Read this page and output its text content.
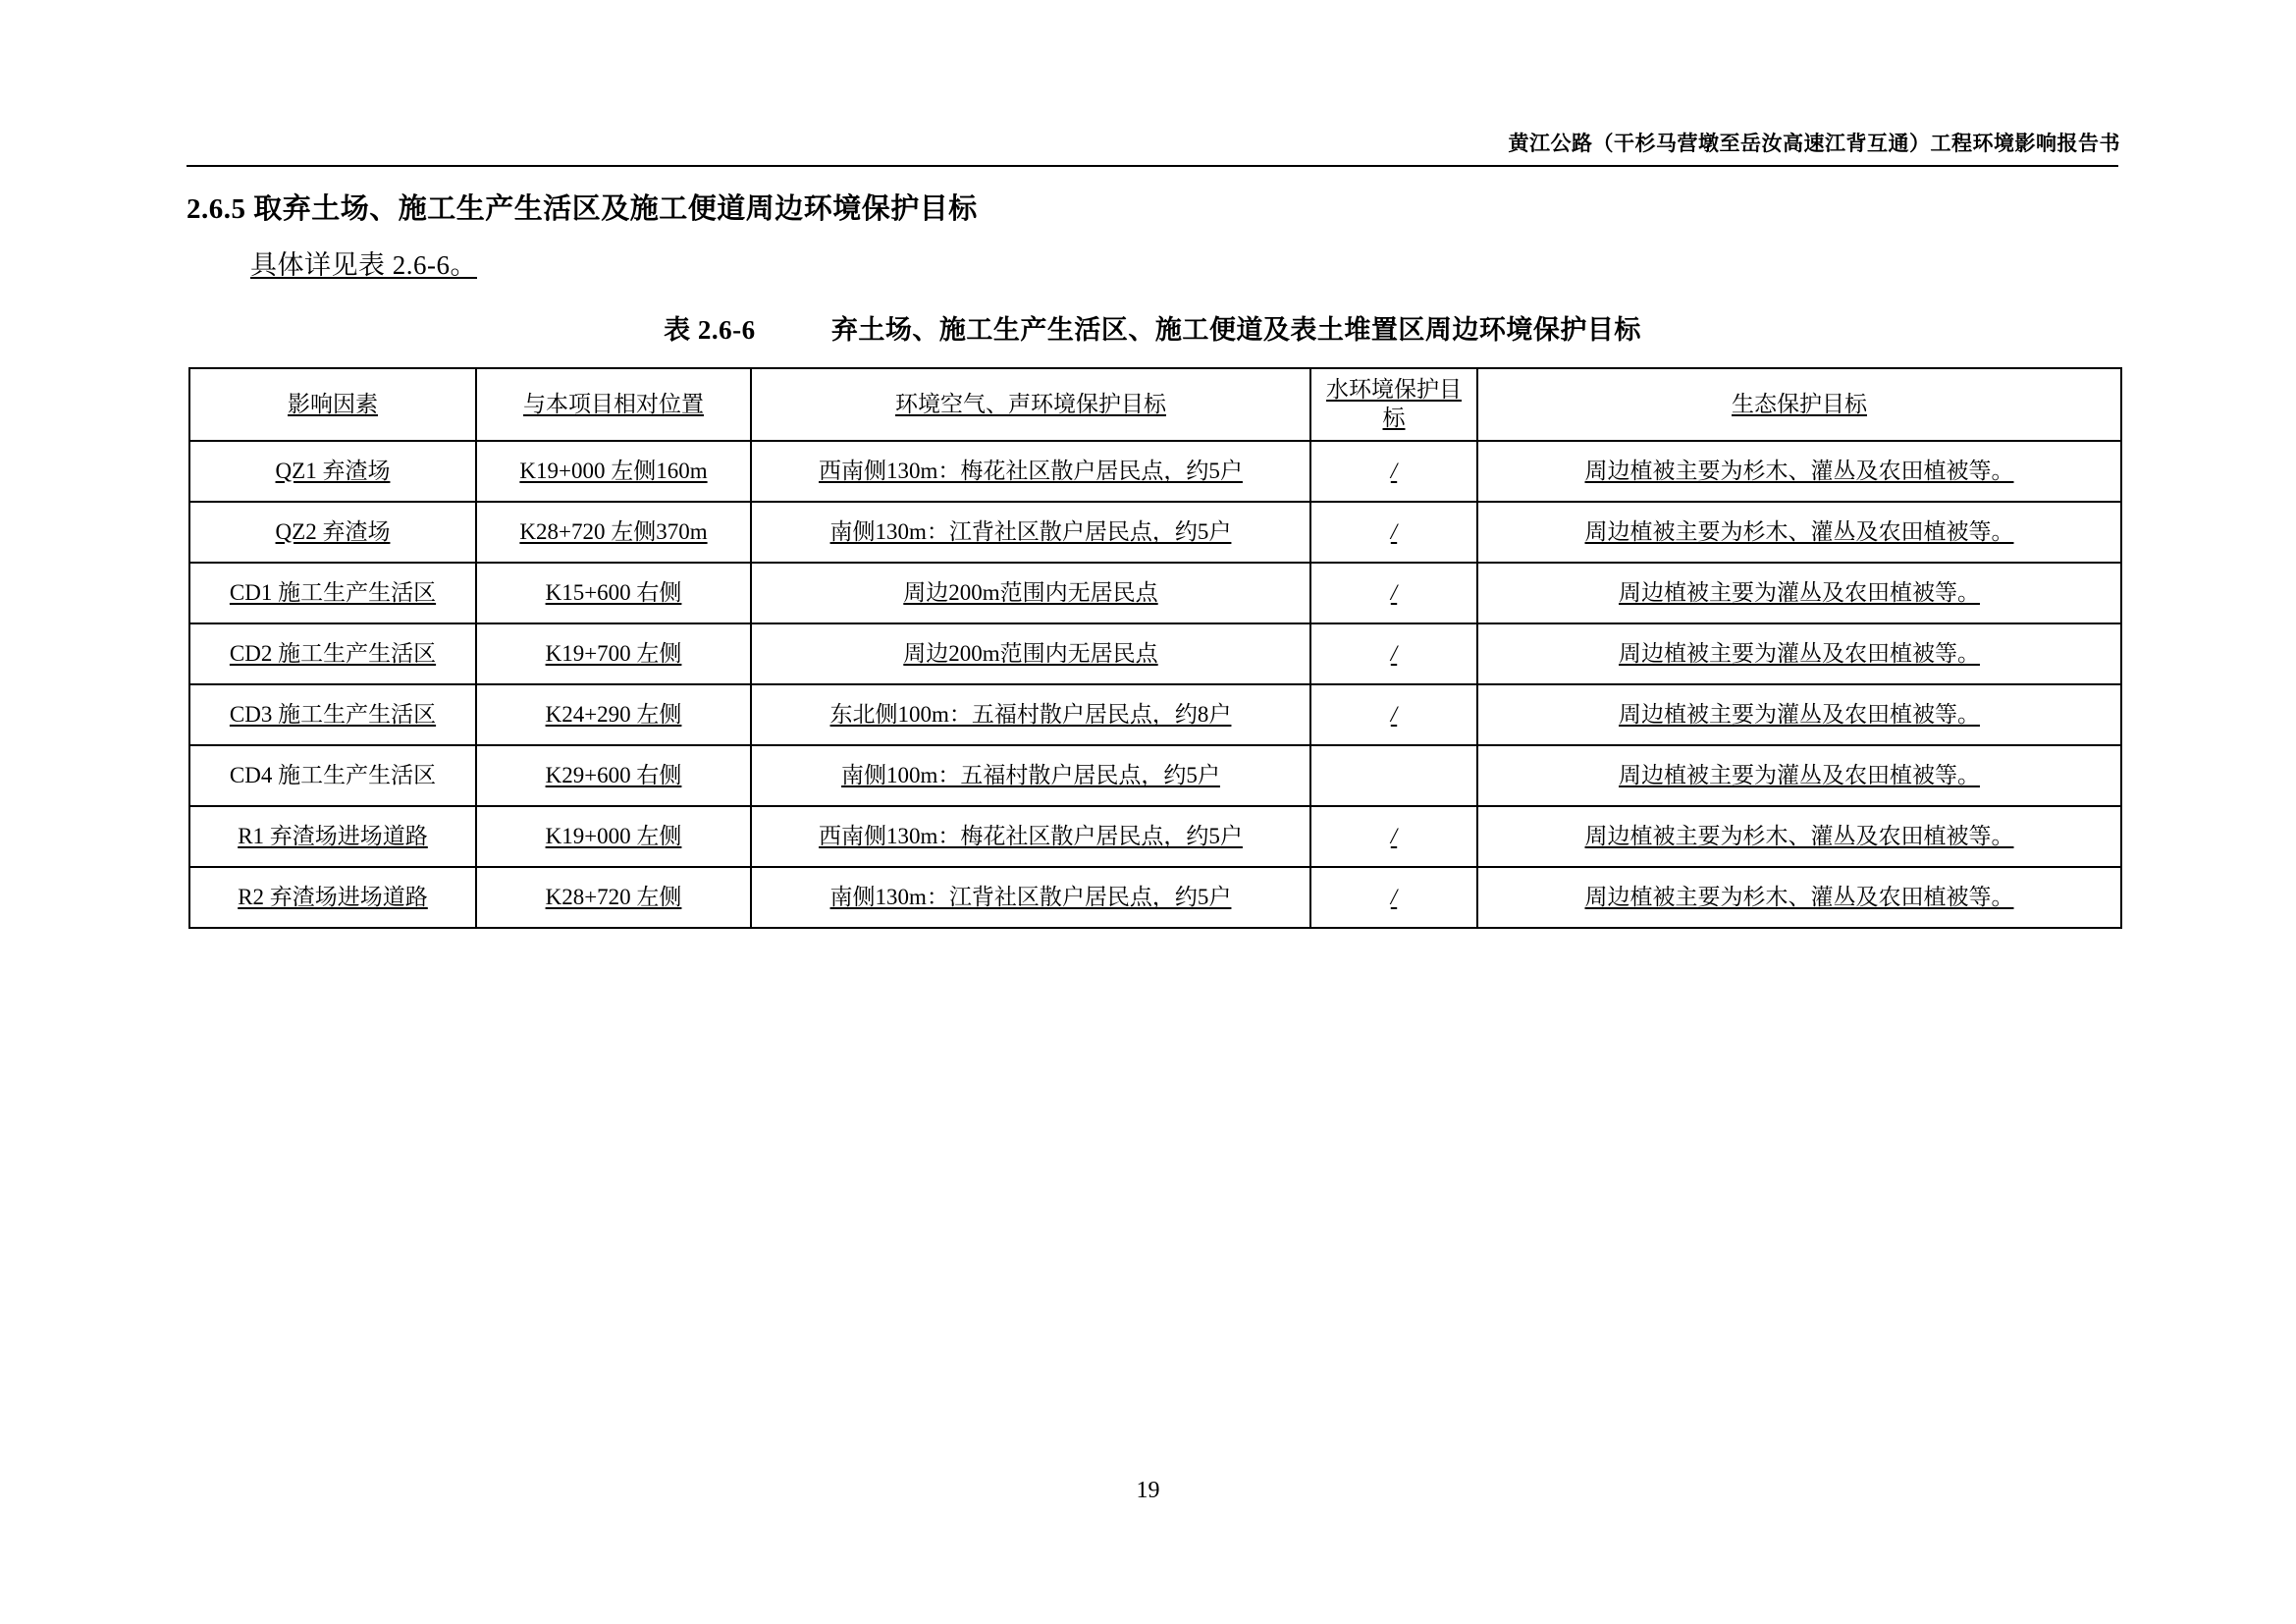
黄江公路（干杉马营墩至岳汝高速江背互通）工程环境影响报告书
2.6.5 取弃土场、施工生产生活区及施工便道周边环境保护目标
具体详见表 2.6-6。
表 2.6-6	弃土场、施工生产生活区、施工便道及表土堆置区周边环境保护目标
影响因素	与本项目相对位置	环境空气、声环境保护目标	水环境保护目标	生态保护目标
QZ1 弃渣场	K19+000 左侧160m	西南侧130m：梅花社区散户居民点，约5户	/	周边植被主要为杉木、灌丛及农田植被等。
QZ2 弃渣场	K28+720 左侧370m	南侧130m：江背社区散户居民点，约5户	/	周边植被主要为杉木、灌丛及农田植被等。
CD1 施工生产生活区	K15+600 右侧	周边200m范围内无居民点	/	周边植被主要为灌丛及农田植被等。
CD2 施工生产生活区	K19+700 左侧	周边200m范围内无居民点	/	周边植被主要为灌丛及农田植被等。
CD3 施工生产生活区	K24+290 左侧	东北侧100m：五福村散户居民点，约8户	/	周边植被主要为灌丛及农田植被等。
CD4 施工生产生活区	K29+600 右侧	南侧100m：五福村散户居民点，约5户		周边植被主要为灌丛及农田植被等。
R1 弃渣场进场道路	K19+000 左侧	西南侧130m：梅花社区散户居民点，约5户	/	周边植被主要为杉木、灌丛及农田植被等。
R2 弃渣场进场道路	K28+720 左侧	南侧130m：江背社区散户居民点，约5户	/	周边植被主要为杉木、灌丛及农田植被等。
19
